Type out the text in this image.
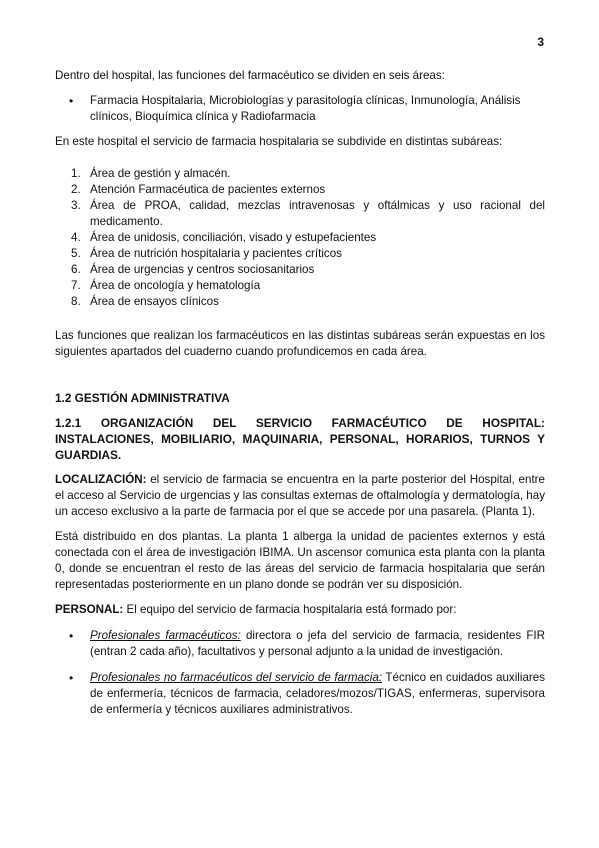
3

Dentro del hospital, las funciones del farmacéutico se dividen en seis áreas:

• Farmacia Hospitalaria, Microbiologías y parasitología clínicas, Inmunología, Análisis clínicos, Bioquímica clínica y Radiofarmacia

En este hospital el servicio de farmacia hospitalaria se subdivide en distintas subáreas:

1. Área de gestión y almacén.
2. Atención Farmacéutica de pacientes externos
3. Área de PROA, calidad, mezclas intravenosas y oftálmicas y uso racional del medicamento.
4. Área de unidosis, conciliación, visado y estupefacientes
5. Área de nutrición hospitalaria y pacientes críticos
6. Área de urgencias y centros sociosanitarios
7. Área de oncología y hematología
8. Área de ensayos clínicos

Las funciones que realizan los farmacéuticos en las distintas subáreas serán expuestas en los siguientes apartados del cuaderno cuando profundicemos en cada área.

1.2 GESTIÓN ADMINISTRATIVA

1.2.1 ORGANIZACIÓN DEL SERVICIO FARMACÉUTICO DE HOSPITAL: INSTALACIONES, MOBILIARIO, MAQUINARIA, PERSONAL, HORARIOS, TURNOS Y GUARDIAS.

LOCALIZACIÓN: el servicio de farmacia se encuentra en la parte posterior del Hospital, entre el acceso al Servicio de urgencias y las consultas externas de oftalmología y dermatología, hay un acceso exclusivo a la parte de farmacia por el que se accede por una pasarela. (Planta 1).

Está distribuido en dos plantas. La planta 1 alberga la unidad de pacientes externos y está conectada con el área de investigación IBIMA. Un ascensor comunica esta planta con la planta 0, donde se encuentran el resto de las áreas del servicio de farmacia hospitalaria que serán representadas posteriormente en un plano donde se podrán ver su disposición.

PERSONAL: El equipo del servicio de farmacia hospitalaria está formado por:

• Profesionales farmacéuticos: directora o jefa del servicio de farmacia, residentes FIR (entran 2 cada año), facultativos y personal adjunto a la unidad de investigación.
• Profesionales no farmacéuticos del servicio de farmacia: Técnico en cuidados auxiliares de enfermería, técnicos de farmacia, celadores/mozos/TIGAS, enfermeras, supervisora de enfermería y técnicos auxiliares administrativos.
